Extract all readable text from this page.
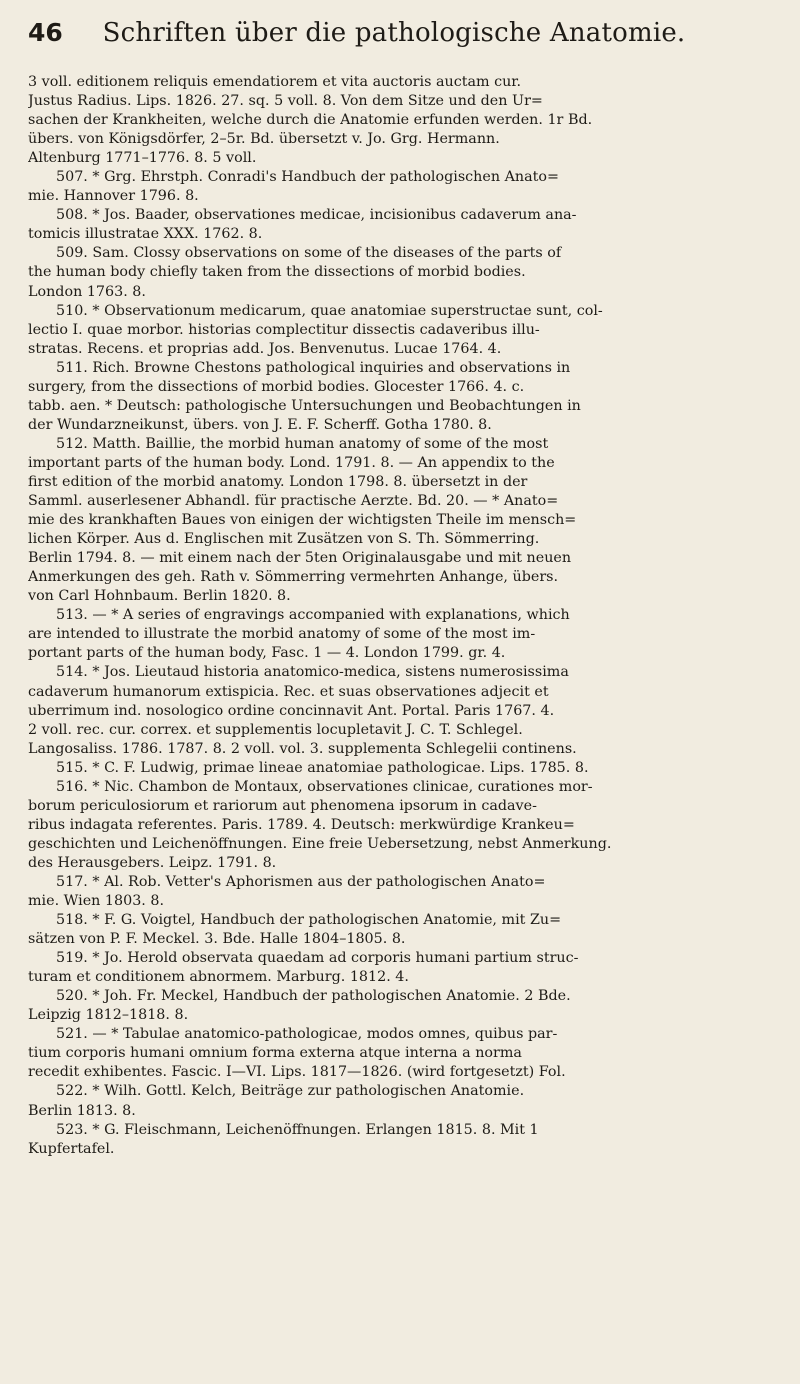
46	Schriften über die pathologische Anatomie.
3 voll. editionem reliquis emendatiorem et vita auctoris auctam cur.
Justus Radius. Lips. 1826. 27. sq. 5 voll. 8. Von dem Sitze und den Ur=
sachen der Krankheiten, welche durch die Anatomie erfunden werden. 1r Bd.
übers. von Königsdörfer, 2–5r. Bd. übersetzt v. Jo. Grg. Hermann.
Altenburg 1771–1776. 8. 5 voll.
507. * Grg. Ehrstph. Conradi's Handbuch der pathologischen Anato=
mie. Hannover 1796. 8.
508. * Jos. Baader, observationes medicae, incisionibus cadaverum ana-
tomicis illustratae XXX. 1762. 8.
509. Sam. Clossy observations on some of the diseases of the parts of
the human body chiefly taken from the dissections of morbid bodies.
London 1763. 8.
510. * Observationum medicarum, quae anatomiae superstructae sunt, col-
lectio I. quae morbor. historias complectitur dissectis cadaveribus illu-
stratas. Recens. et proprias add. Jos. Benvenutus. Lucae 1764. 4.
511. Rich. Browne Chestons pathological inquiries and observations in
surgery, from the dissections of morbid bodies. Glocester 1766. 4. c.
tabb. aen. * Deutsch: pathologische Untersuchungen und Beobachtungen in
der Wundarzneikunst, übers. von J. E. F. Scherff. Gotha 1780. 8.
512. Matth. Baillie, the morbid human anatomy of some of the most
important parts of the human body. Lond. 1791. 8. — An appendix to the
first edition of the morbid anatomy. London 1798. 8. übersetzt in der
Samml. auserlesener Abhandl. für practische Aerzte. Bd. 20. — * Anato=
mie des krankhaften Baues von einigen der wichtigsten Theile im mensch=
lichen Körper. Aus d. Englischen mit Zusätzen von S. Th. Sömmerring.
Berlin 1794. 8. — mit einem nach der 5ten Originalausgabe und mit neuen
Anmerkungen des geh. Rath v. Sömmerring vermehrten Anhange, übers.
von Carl Hohnbaum. Berlin 1820. 8.
513. — * A series of engravings accompanied with explanations, which
are intended to illustrate the morbid anatomy of some of the most im-
portant parts of the human body, Fasc. 1 — 4. London 1799. gr. 4.
514. * Jos. Lieutaud historia anatomico-medica, sistens numerosissima
cadaverum humanorum extispicia. Rec. et suas observationes adjecit et
uberrimum ind. nosologico ordine concinnavit Ant. Portal. Paris 1767. 4.
2 voll. rec. cur. correx. et supplementis locupletavit J. C. T. Schlegel.
Langosaliss. 1786. 1787. 8. 2 voll. vol. 3. supplementa Schlegelii continens.
515. * C. F. Ludwig, primae lineae anatomiae pathologicae. Lips. 1785. 8.
516. * Nic. Chambon de Montaux, observationes clinicae, curationes mor-
borum periculosiorum et rariorum aut phenomena ipsorum in cadave-
ribus indagata referentes. Paris. 1789. 4. Deutsch: merkwürdige Krankeu=
geschichten und Leichenöffnungen. Eine freie Uebersetzung, nebst Anmerkung.
des Herausgebers. Leipz. 1791. 8.
517. * Al. Rob. Vetter's Aphorismen aus der pathologischen Anato=
mie. Wien 1803. 8.
518. * F. G. Voigtel, Handbuch der pathologischen Anatomie, mit Zu=
sätzen von P. F. Meckel. 3. Bde. Halle 1804–1805. 8.
519. * Jo. Herold observata quaedam ad corporis humani partium struc-
turam et conditionem abnormem. Marburg. 1812. 4.
520. * Joh. Fr. Meckel, Handbuch der pathologischen Anatomie. 2 Bde.
Leipzig 1812–1818. 8.
521. — * Tabulae anatomico-pathologicae, modos omnes, quibus par-
tium corporis humani omnium forma externa atque interna a norma
recedit exhibentes. Fascic. I—VI. Lips. 1817—1826. (wird fortgesetzt) Fol.
522. * Wilh. Gottl. Kelch, Beiträge zur pathologischen Anatomie.
Berlin 1813. 8.
523. * G. Fleischmann, Leichenöffnungen. Erlangen 1815. 8. Mit 1
Kupfertafel.
